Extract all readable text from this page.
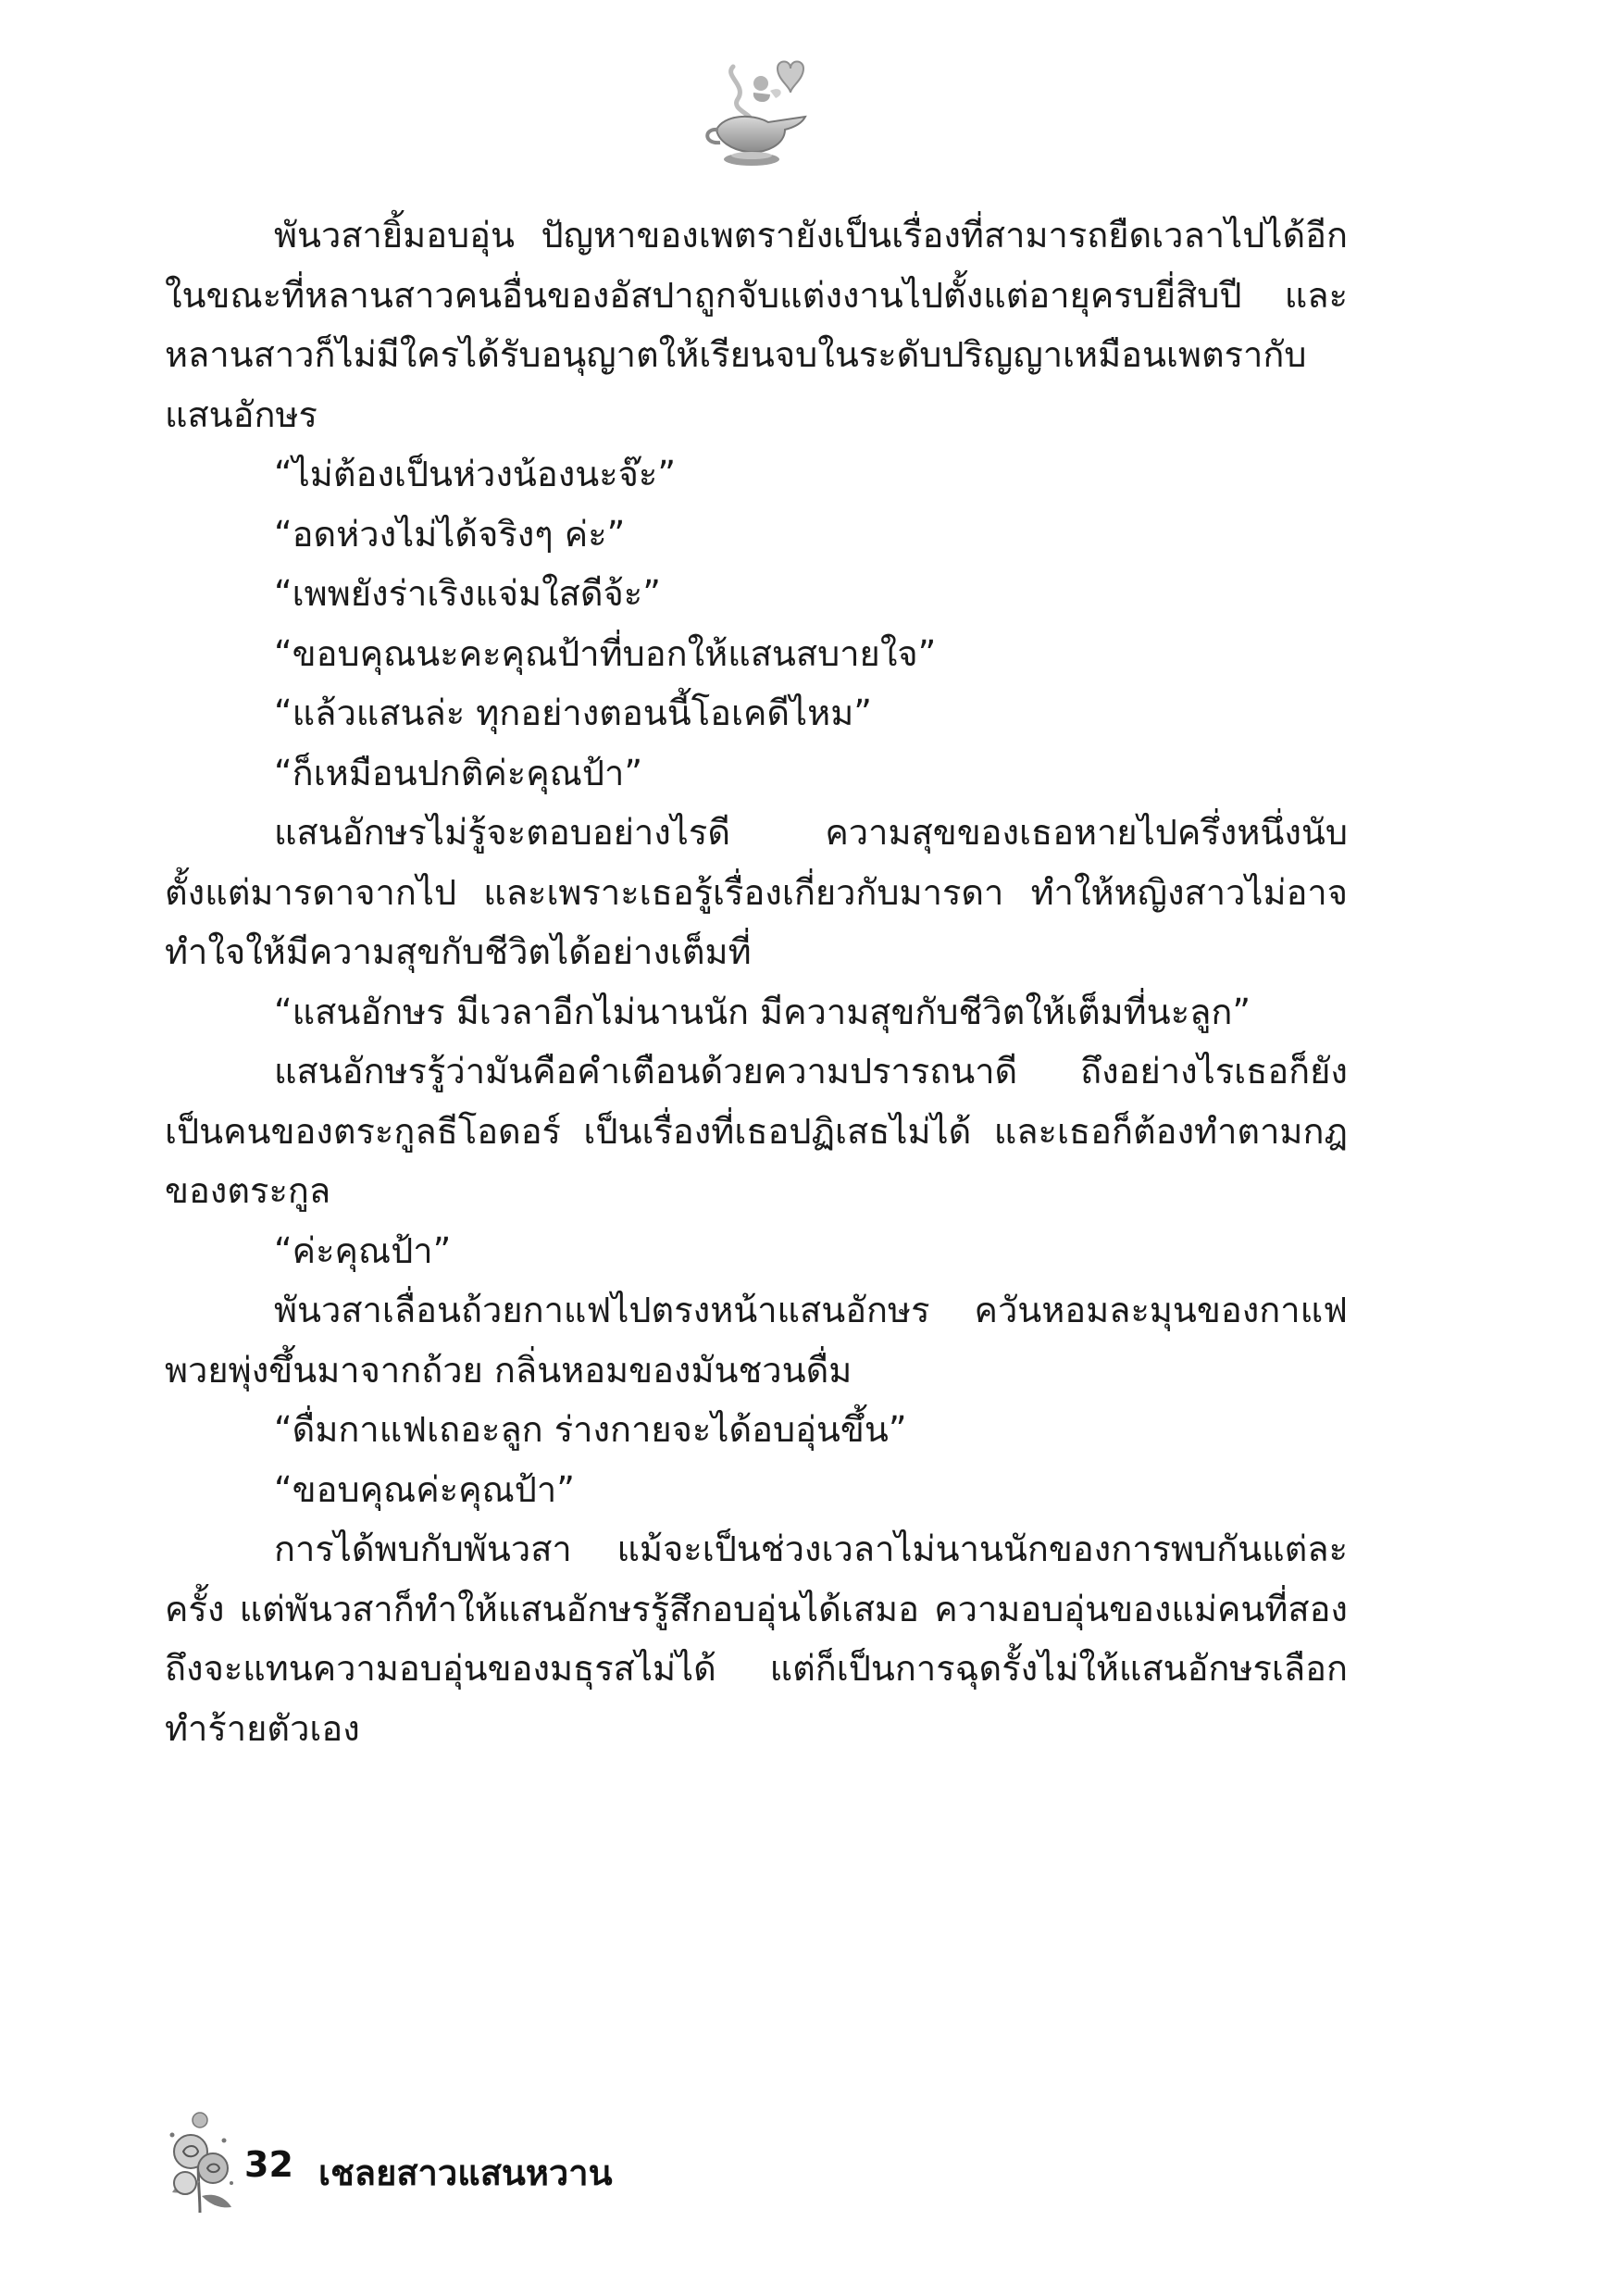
พันวสายิ้มอบอุ่น ปัญหาของเพตรายังเป็นเรื่องที่สามารถยืดเวลาไปได้อีก ในขณะที่หลานสาวคนอื่นของอัสปาถูกจับแต่งงานไปตั้งแต่อายุครบยี่สิบปี และหลานสาวก็ไม่มีใครได้รับอนุญาตให้เรียนจบในระดับปริญญาเหมือนเพตรากับแสนอักษร

“ไม่ต้องเป็นห่วงน้องนะจ๊ะ”

“อดห่วงไม่ได้จริงๆ ค่ะ”

“เพพยังร่าเริงแจ่มใสดีจ้ะ”

“ขอบคุณนะคะคุณป้าที่บอกให้แสนสบายใจ”

“แล้วแสนล่ะ ทุกอย่างตอนนี้โอเคดีไหม”

“ก็เหมือนปกติค่ะคุณป้า”

แสนอักษรไม่รู้จะตอบอย่างไรดี ความสุขของเธอหายไปครึ่งหนึ่งนับตั้งแต่มารดาจากไป และเพราะเธอรู้เรื่องเกี่ยวกับมารดา ทำให้หญิงสาวไม่อาจทำใจให้มีความสุขกับชีวิตได้อย่างเต็มที่

“แสนอักษร มีเวลาอีกไม่นานนัก มีความสุขกับชีวิตให้เต็มที่นะลูก”

แสนอักษรรู้ว่ามันคือคำเตือนด้วยความปรารถนาดี ถึงอย่างไรเธอก็ยังเป็นคนของตระกูลธีโอดอร์ เป็นเรื่องที่เธอปฏิเสธไม่ได้ และเธอก็ต้องทำตามกฎของตระกูล

“ค่ะคุณป้า”

พันวสาเลื่อนถ้วยกาแฟไปตรงหน้าแสนอักษร ควันหอมละมุนของกาแฟพวยพุ่งขึ้นมาจากถ้วย กลิ่นหอมของมันชวนดื่ม

“ดื่มกาแฟเถอะลูก ร่างกายจะได้อบอุ่นขึ้น”

“ขอบคุณค่ะคุณป้า”

การได้พบกับพันวสา แม้จะเป็นช่วงเวลาไม่นานนักของการพบกันแต่ละครั้ง แต่พันวสาก็ทำให้แสนอักษรรู้สึกอบอุ่นได้เสมอ ความอบอุ่นของแม่คนที่สอง ถึงจะแทนความอบอุ่นของมธุรสไม่ได้ แต่ก็เป็นการฉุดรั้งไม่ให้แสนอักษรเลือกทำร้ายตัวเอง

32 เชลยสาวแสนหวาน
